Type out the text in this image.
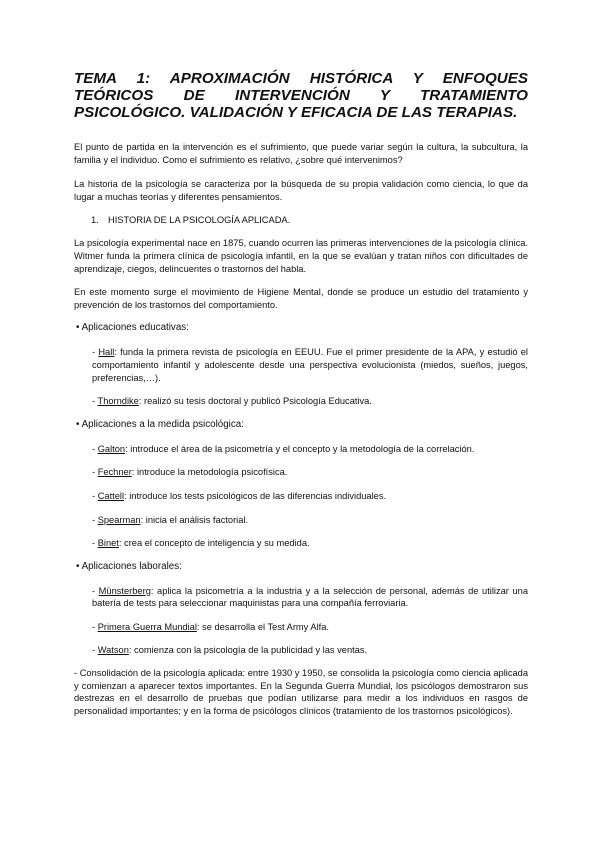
TEMA 1: APROXIMACIÓN HISTÓRICA Y ENFOQUES
TEÓRICOS DE INTERVENCIÓN Y TRATAMIENTO
PSICOLÓGICO. VALIDACIÓN Y EFICACIA DE LAS TERAPIAS.

El punto de partida en la intervención es el sufrimiento, que puede variar según la cultura, la subcultura, la familia y el individuo. Como el sufrimiento es relativo, ¿sobre qué intervenimos?

La historia de la psicología se caracteriza por la búsqueda de su propia validación como ciencia, lo que da lugar a muchas teorías y diferentes pensamientos.

1. HISTORIA DE LA PSICOLOGÍA APLICADA.

La psicología experimental nace en 1875, cuando ocurren las primeras intervenciones de la psicología clínica. Witmer funda la primera clínica de psicología infantil, en la que se evalúan y tratan niños con dificultades de aprendizaje, ciegos, delincuentes o trastornos del habla.

En este momento surge el movimiento de Higiene Mental, donde se produce un estudio del tratamiento y prevención de los trastornos del comportamiento.

• Aplicaciones educativas:
- Hall: funda la primera revista de psicología en EEUU. Fue el primer presidente de la APA, y estudió el comportamiento infantil y adolescente desde una perspectiva evolucionista (miedos, sueños, juegos, preferencias,…).
- Thorndike: realizó su tesis doctoral y publicó Psicología Educativa.
• Aplicaciones a la medida psicológica:
- Galton: introduce el área de la psicometría y el concepto y la metodología de la correlación.
- Fechner: introduce la metodología psicofísica.
- Cattell: introduce los tests psicológicos de las diferencias individuales.
- Spearman: inicia el análisis factorial.
- Binet: crea el concepto de inteligencia y su medida.
• Aplicaciones laborales:
- Münsterberg: aplica la psicometría a la industria y a la selección de personal, además de utilizar una batería de tests para seleccionar maquinistas para una compañía ferroviaria.
- Primera Guerra Mundial: se desarrolla el Test Army Alfa.
- Watson: comienza con la psicología de la publicidad y las ventas.

- Consolidación de la psicología aplicada: entre 1930 y 1950, se consolida la psicología como ciencia aplicada y comienzan a aparecer textos importantes. En la Segunda Guerra Mundial, los psicólogos demostraron sus destrezas en el desarrollo de pruebas que podían utilizarse para medir a los individuos en rasgos de personalidad importantes; y en la forma de psicólogos clínicos (tratamiento de los trastornos psicológicos).
